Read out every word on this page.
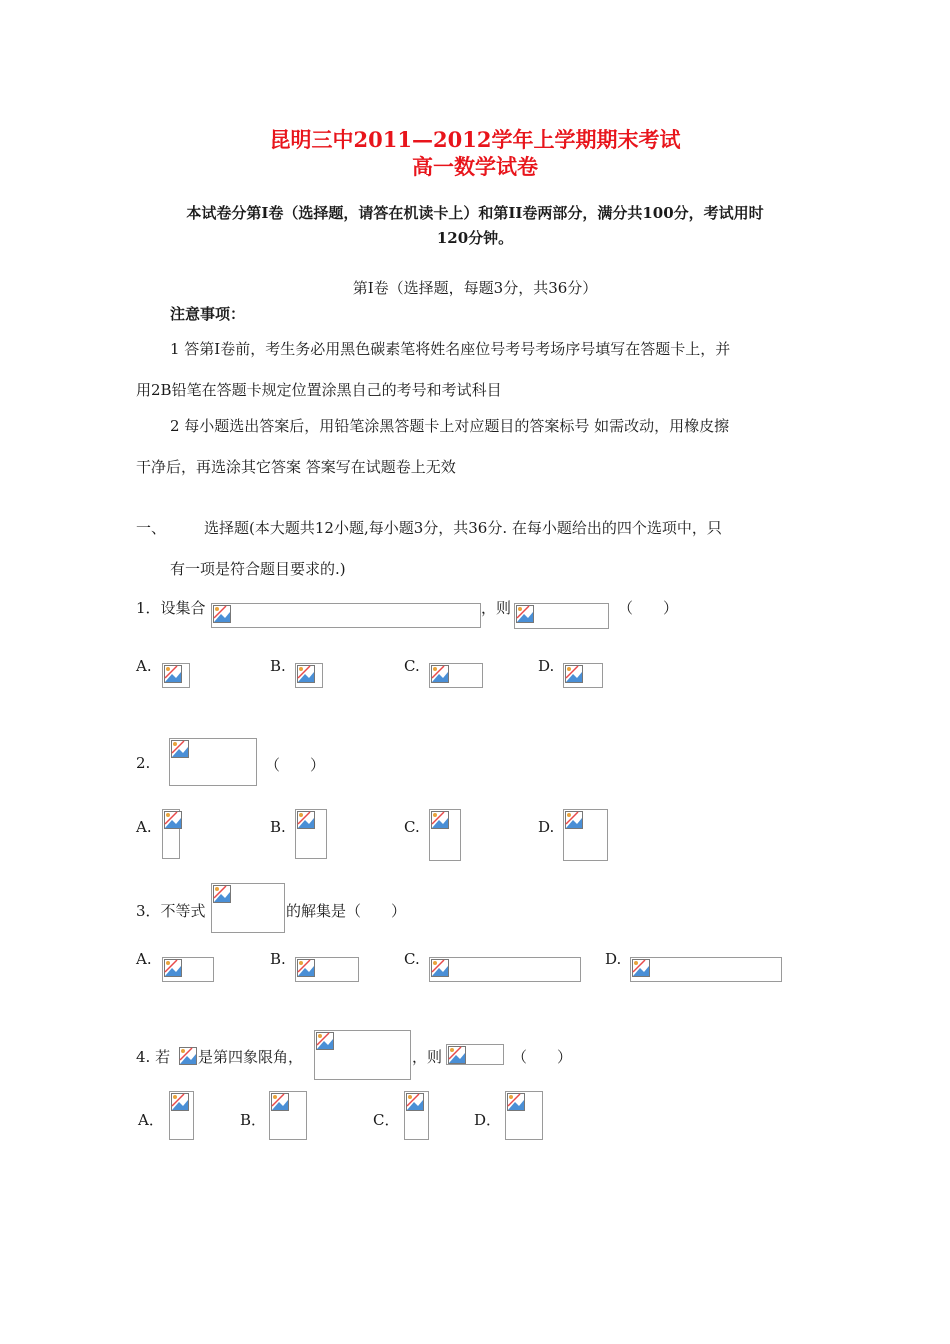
昆明三中2011—2012学年上学期期末考试
高一数学试卷
本试卷分第I卷（选择题，请答在机读卡上）和第II卷两部分，满分共100分，考试用时
120分钟。
第I卷（选择题，每题3分，共36分）
注意事项：
1 答第I卷前，考生务必用黑色碳素笔将姓名座位号考号考场序号填写在答题卡上，并
用2B铅笔在答题卡规定位置涂黑自己的考号和考试科目
2 每小题选出答案后，用铅笔涂黑答题卡上对应题目的答案标号 如需改动，用橡皮擦
干净后，再选涂其它答案 答案写在试题卷上无效
一、	选择题(本大题共12小题,每小题3分，共36分. 在每小题给出的四个选项中，只
有一项是符合题目要求的.)
1．设集合	，则	（　　）
A.	B.	C.	D.
2.	（　　）
A.	B.	C.	D.
3．不等式	的解集是（　　）
A.	B.	C.	D.
4. 若 是第四象限角，	，则	（　　）
A．	B．	C．	D．
